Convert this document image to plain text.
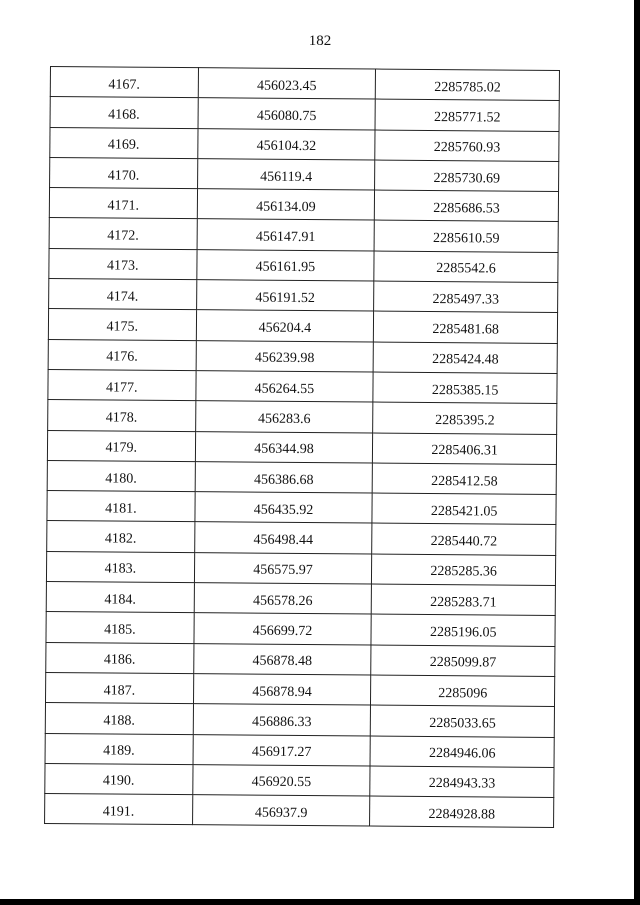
182
4167.	456023.45	2285785.02
4168.	456080.75	2285771.52
4169.	456104.32	2285760.93
4170.	456119.4	2285730.69
4171.	456134.09	2285686.53
4172.	456147.91	2285610.59
4173.	456161.95	2285542.6
4174.	456191.52	2285497.33
4175.	456204.4	2285481.68
4176.	456239.98	2285424.48
4177.	456264.55	2285385.15
4178.	456283.6	2285395.2
4179.	456344.98	2285406.31
4180.	456386.68	2285412.58
4181.	456435.92	2285421.05
4182.	456498.44	2285440.72
4183.	456575.97	2285285.36
4184.	456578.26	2285283.71
4185.	456699.72	2285196.05
4186.	456878.48	2285099.87
4187.	456878.94	2285096
4188.	456886.33	2285033.65
4189.	456917.27	2284946.06
4190.	456920.55	2284943.33
4191.	456937.9	2284928.88
